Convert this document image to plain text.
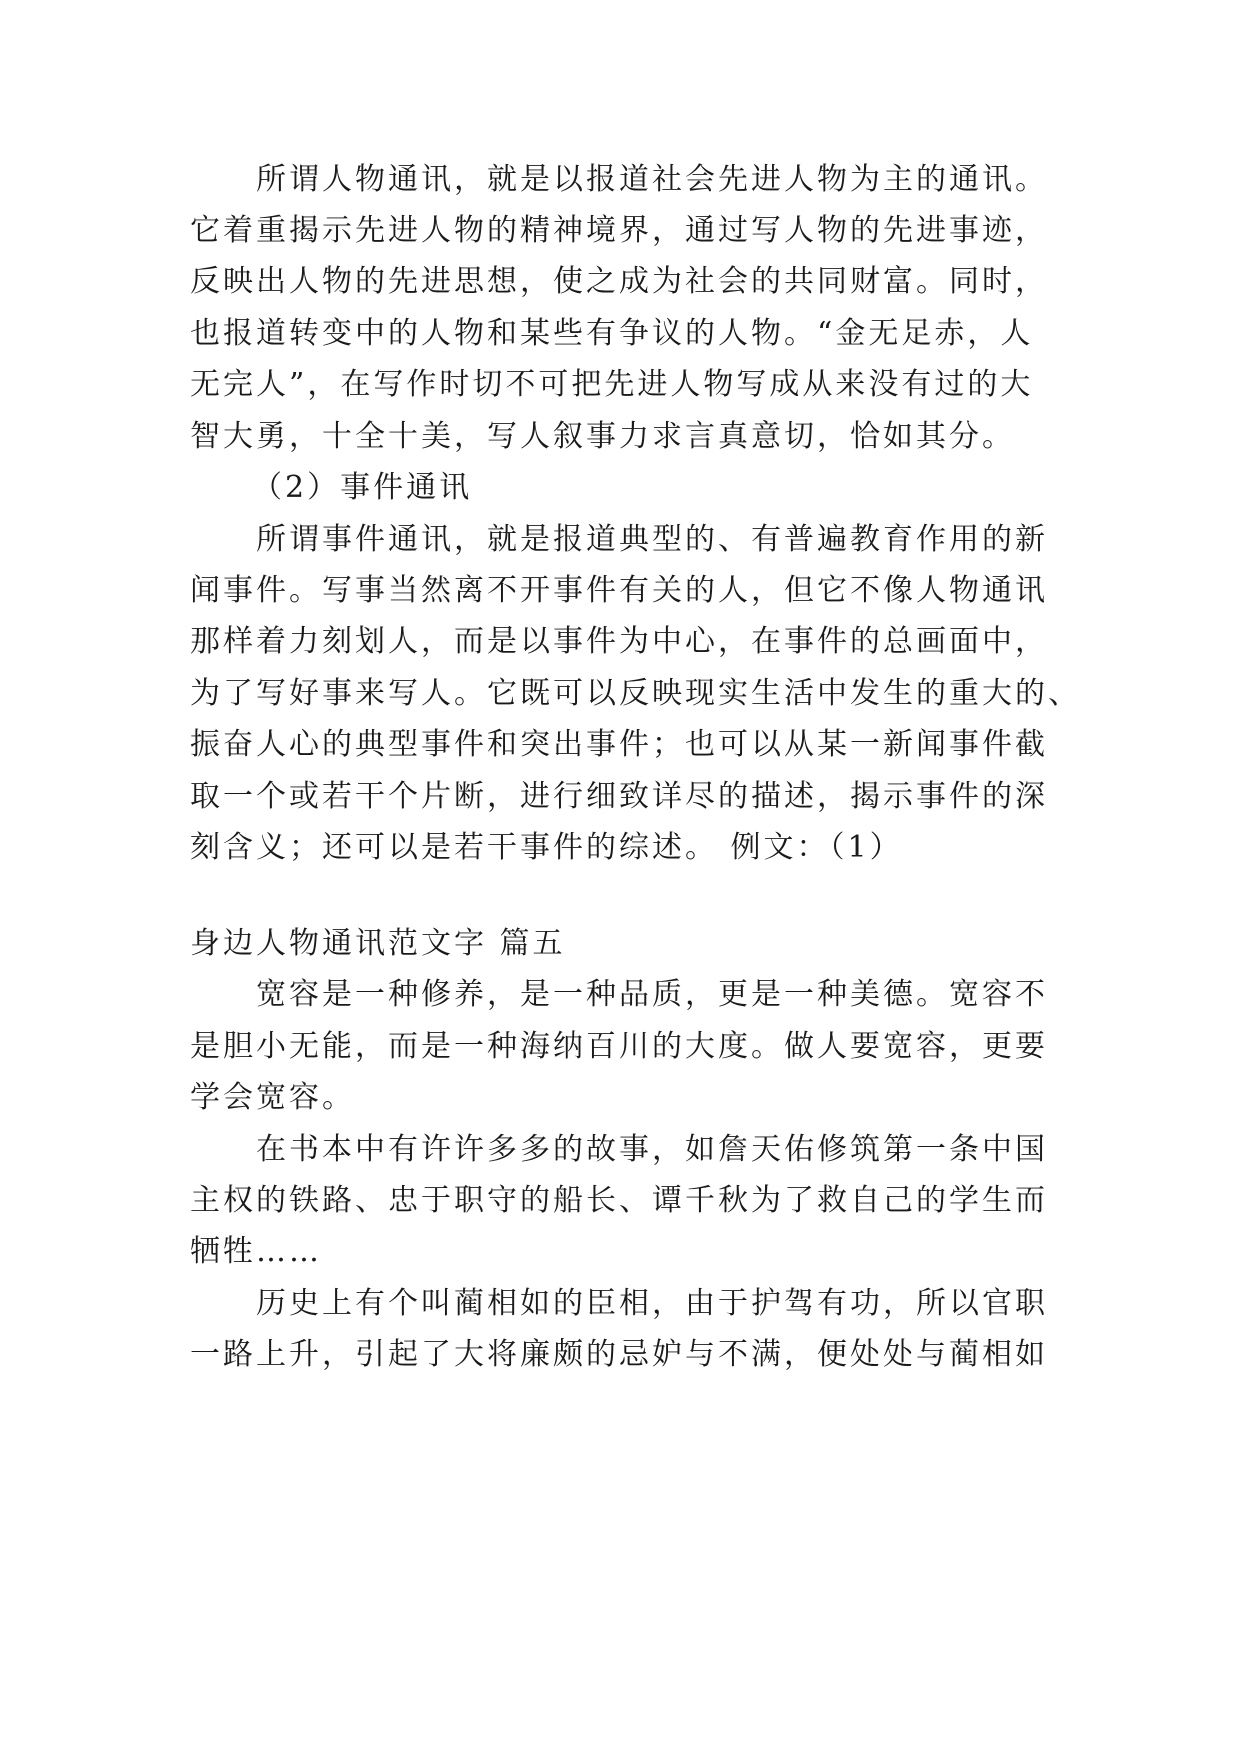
所谓人物通讯，就是以报道社会先进人物为主的通讯。
它着重揭示先进人物的精神境界，通过写人物的先进事迹，
反映出人物的先进思想，使之成为社会的共同财富。同时，
也报道转变中的人物和某些有争议的人物。“金无足赤，人
无完人”，在写作时切不可把先进人物写成从来没有过的大
智大勇，十全十美，写人叙事力求言真意切，恰如其分。
（2）事件通讯
所谓事件通讯，就是报道典型的、有普遍教育作用的新
闻事件。写事当然离不开事件有关的人，但它不像人物通讯
那样着力刻划人，而是以事件为中心，在事件的总画面中，
为了写好事来写人。它既可以反映现实生活中发生的重大的、
振奋人心的典型事件和突出事件；也可以从某一新闻事件截
取一个或若干个片断，进行细致详尽的描述，揭示事件的深
刻含义；还可以是若干事件的综述。 例文：（1）
身边人物通讯范文字 篇五
宽容是一种修养，是一种品质，更是一种美德。宽容不
是胆小无能，而是一种海纳百川的大度。做人要宽容，更要
学会宽容。
在书本中有许许多多的故事，如詹天佑修筑第一条中国
主权的铁路、忠于职守的船长、谭千秋为了救自己的学生而
牺牲……
历史上有个叫蔺相如的臣相，由于护驾有功，所以官职
一路上升，引起了大将廉颇的忌妒与不满，便处处与蔺相如
